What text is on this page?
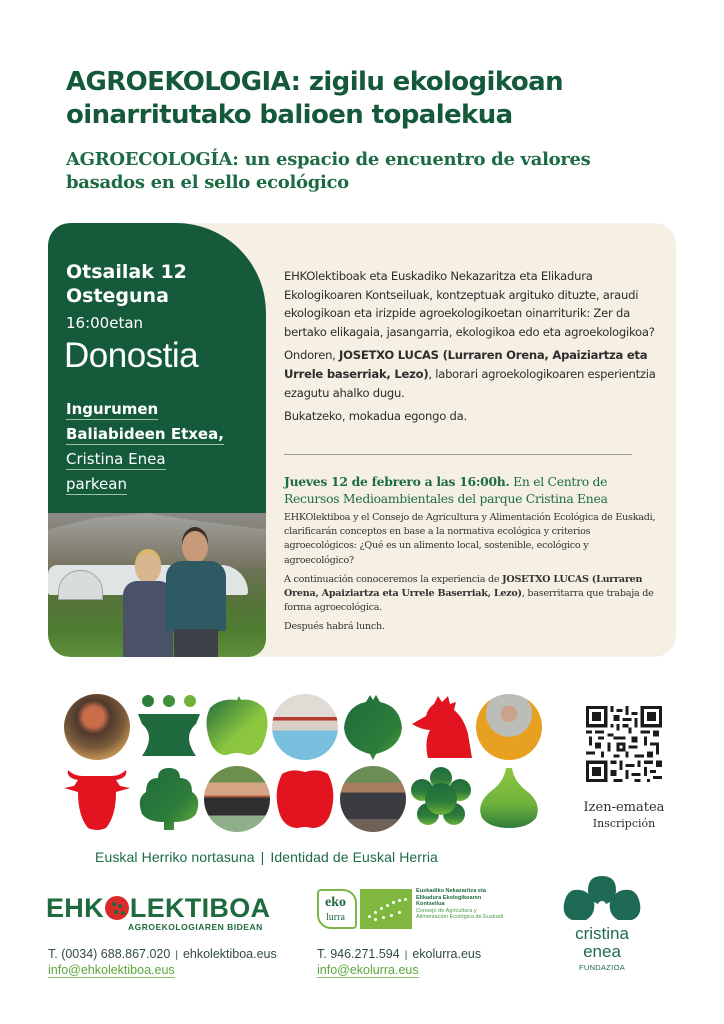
AGROEKOLOGIA: zigilu ekologikoan
oinarritutako balioen topalekua
AGROECOLOGÍA: un espacio de encuentro de valores
basados en el sello ecológico
Otsailak 12
Osteguna
16:00etan
Donostia
Ingurumen
Baliabideen Etxea,
Cristina Enea
parkean

EHKOlektiboak eta Euskadiko Nekazaritza eta Elikadura Ekologikoaren Kontseiluak, kontzeptuak argituko dituzte, araudi ekologikoan eta irizpide agroekologikoetan oinarriturik: Zer da bertako elikagaia, jasangarria, ekologikoa edo eta agroekologikoa?

Ondoren, JOSETXO LUCAS (Lurraren Orena, Apaiziartza eta Urrele baserriak, Lezo), laborari agroekologikoaren esperientzia ezagutu ahalko dugu.

Bukatzeko, mokadua egongo da.

Jueves 12 de febrero a las 16:00h. En el Centro de Recursos Medioambientales del parque Cristina Enea

EHKOlektiboa y el Consejo de Agricultura y Alimentación Ecológica de Euskadi, clarificarán conceptos en base a la normativa ecológica y criterios agroecológicos: ¿Qué es un alimento local, sostenible, ecológico y agroecológico?

A continuación conoceremos la experiencia de JOSETXO LUCAS (Lurraren Orena, Apaiziartza eta Urrele Baserriak, Lezo), baserritarra que trabaja de forma agroecológica.

Después habrá lunch.

Izen-ematea
Inscripción
Euskal Herriko nortasuna | Identidad de Euskal Herria
EHK LEKTIBOA
AGROEKOLOGIAREN BIDEAN
T. (0034) 688.867.020 | ehkolektiboa.eus
info@ehkolektiboa.eus
eko
lurra
Euskadiko Nekazaritza eta Elikadura Ekologikoaren Kontseilua
Consejo de Agricultura y Alimentación Ecológica de Euskadi
T. 946.271.594 | ekolurra.eus
info@ekolurra.eus
cristina
enea
FUNDAZIOA
